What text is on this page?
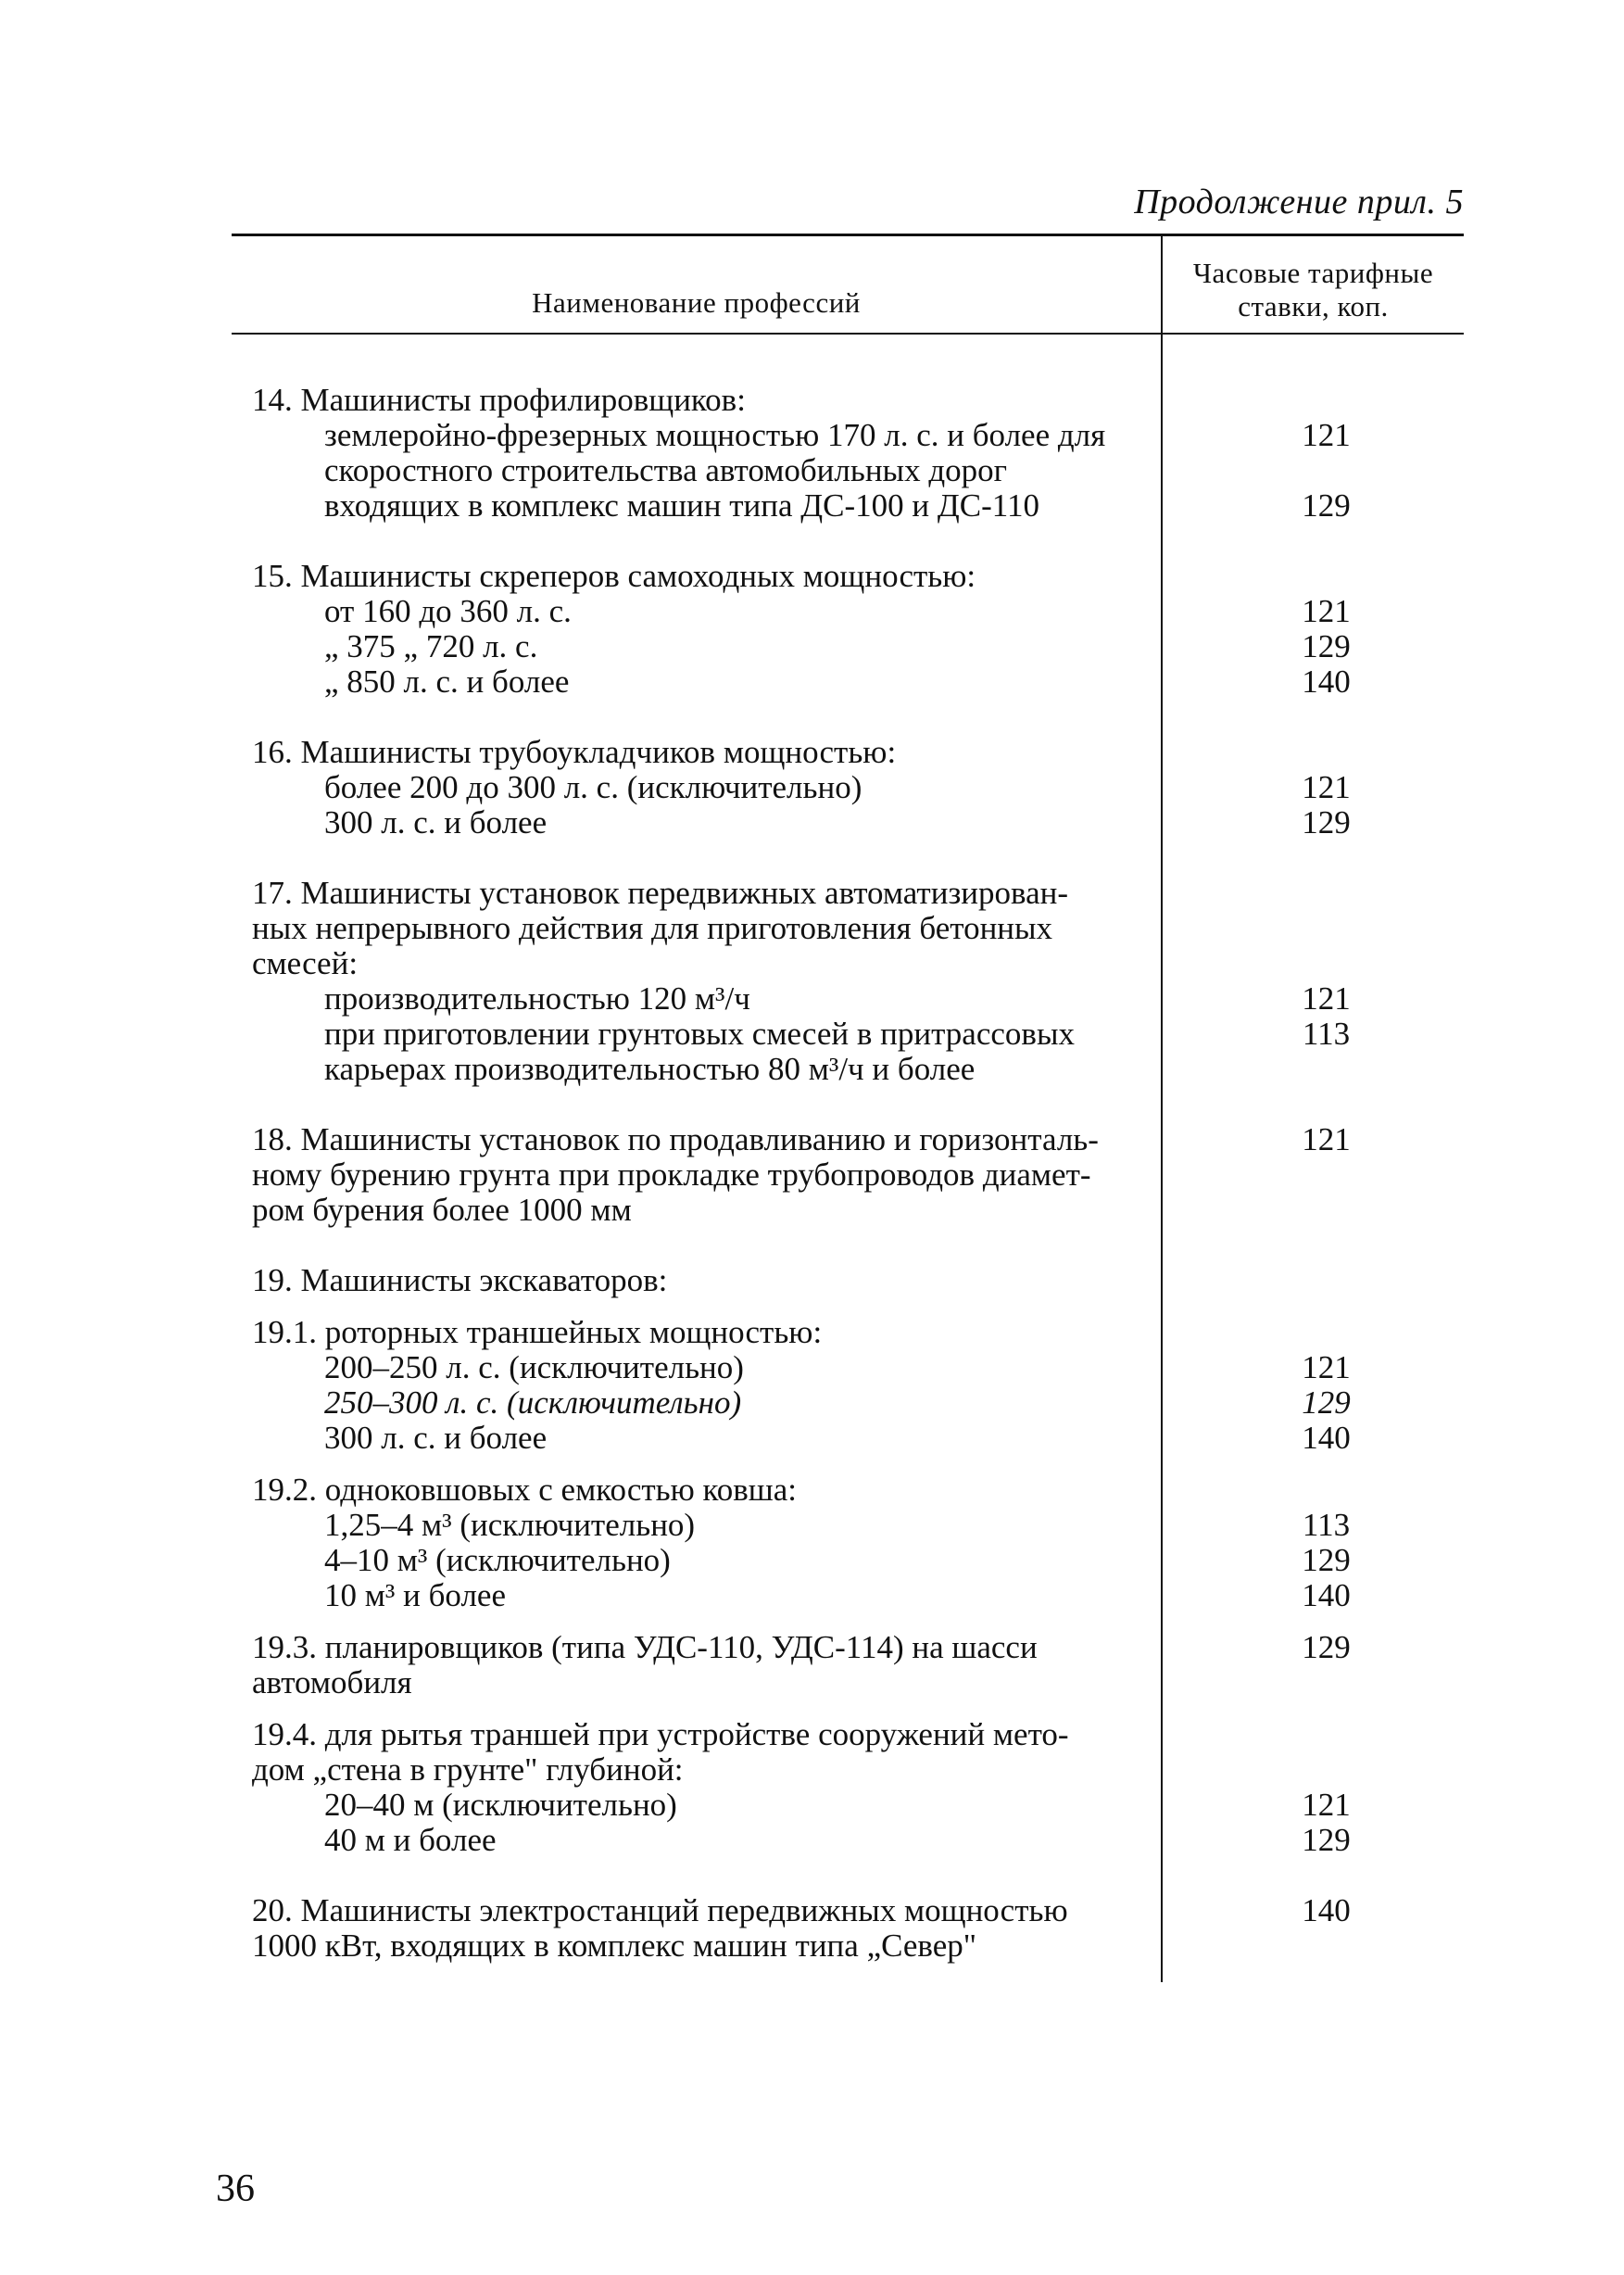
Продолжение прил. 5
Наименование профессий
Часовые тарифные
ставки, коп.
14. Машинисты профилировщиков:
землеройно-фрезерных мощностью 170 л. с. и более для	121
скоростного строительства автомобильных дорог
входящих в комплекс машин типа ДС-100 и ДС-110	129
15. Машинисты скреперов самоходных мощностью:
от 160 до 360 л. с.	121
„ 375 „ 720 л. с.	129
„ 850 л. с. и более	140
16. Машинисты трубоукладчиков мощностью:
более 200 до 300 л. с. (исключительно)	121
300 л. с. и более	129
17. Машинисты установок передвижных автоматизирован-
ных непрерывного действия для приготовления бетонных
смесей:
производительностью 120 м³/ч	121
при приготовлении грунтовых смесей в притрассовых	113
карьерах производительностью 80 м³/ч и более
18. Машинисты установок по продавливанию и горизонталь-	121
ному бурению грунта при прокладке трубопроводов диамет-
ром бурения более 1000 мм
19. Машинисты экскаваторов:
19.1. роторных траншейных мощностью:
200–250 л. с. (исключительно)	121
250–300 л. с. (исключительно)	129
300 л. с. и более	140
19.2. одноковшовых с емкостью ковша:
1,25–4 м³ (исключительно)	113
4–10 м³ (исключительно)	129
10 м³ и более	140
19.3. планировщиков (типа УДС-110, УДС-114) на шасси	129
автомобиля
19.4. для рытья траншей при устройстве сооружений мето-
дом „стена в грунте" глубиной:
20–40 м (исключительно)	121
40 м и более	129
20. Машинисты электростанций передвижных мощностью	140
1000 кВт, входящих в комплекс машин типа „Север"
36
